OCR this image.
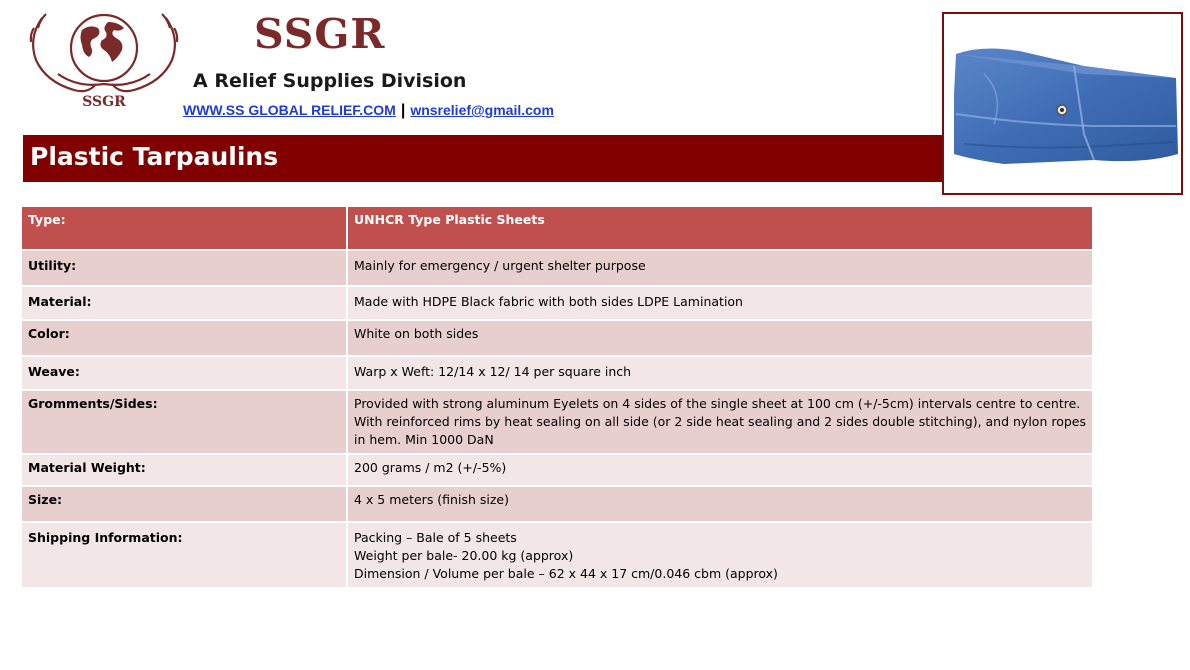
SSGR
SSGR
A Relief Supplies Division
WWW.SS GLOBAL RELIEF.COM | wnsrelief@gmail.com
Plastic Tarpaulins
Type:	UNHCR Type Plastic Sheets
Utility:	Mainly for emergency / urgent shelter purpose
Material:	Made with HDPE Black fabric with both sides LDPE Lamination
Color:	White on both sides
Weave:	Warp x Weft: 12/14 x 12/ 14 per square inch
Gromments/Sides:	Provided with strong aluminum Eyelets on 4 sides of the single sheet at 100 cm (+/-5cm) intervals centre to centre. With reinforced rims by heat sealing on all side (or 2 side heat sealing and 2 sides double stitching), and nylon ropes in hem. Min 1000 DaN
Material Weight:	200 grams / m2 (+/-5%)
Size:	4 x 5 meters (finish size)
Shipping Information:	Packing – Bale of 5 sheets
Weight per bale- 20.00 kg (approx)
Dimension / Volume per bale – 62 x 44 x 17 cm/0.046 cbm (approx)
